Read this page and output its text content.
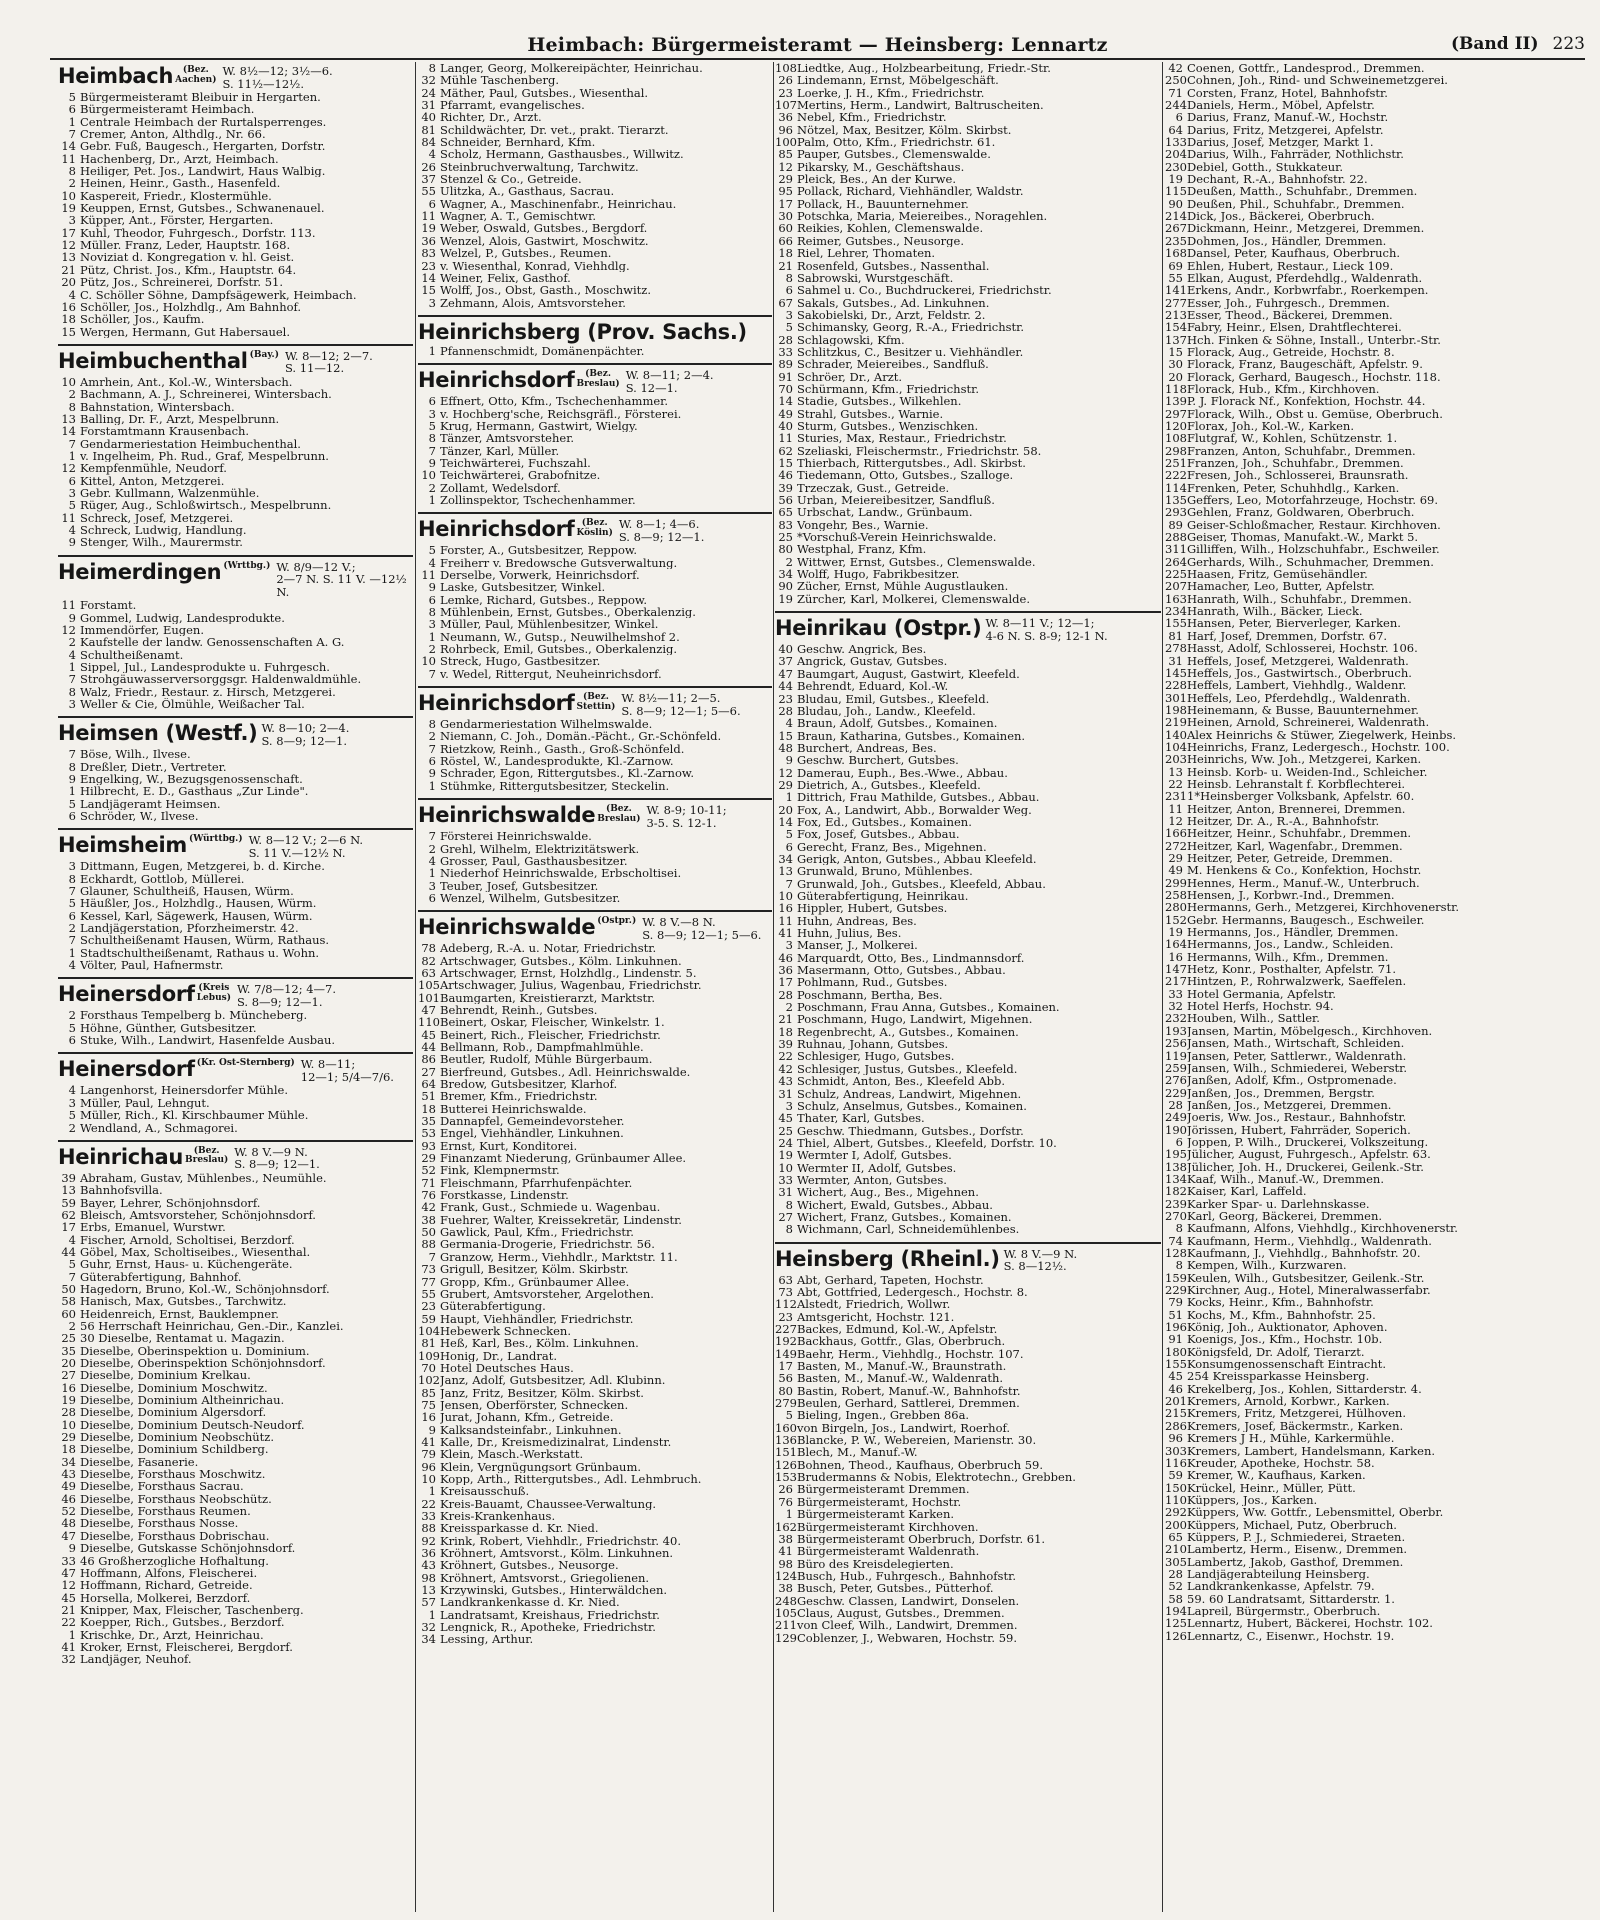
Heimbach: Bürgermeisteramt — Heinsberg: Lennartz	(Band II) 223
Heimbach	( Bez.
Aachen )
W. 8½—12; 3½—6.
S. 11½—12½.
5 Bürgermeisteramt Bleibuir in Hergarten.
6 Bürgermeisteramt Heimbach.
1 Centrale Heimbach der Rurtalsperrenges.
7 Cremer, Anton, Althdlg., Nr. 66.
14 Gebr. Fuß, Baugesch., Hergarten, Dorfstr.
11 Hachenberg, Dr., Arzt, Heimbach.
8 Heiliger, Pet. Jos., Landwirt, Haus Walbig.
2 Heinen, Heinr., Gasth., Hasenfeld.
10 Kaspereit, Friedr., Klostermühle.
19 Keuppen, Ernst, Gutsbes., Schwanenauel.
3 Küpper, Ant., Förster, Hergarten.
17 Kuhl, Theodor, Fuhrgesch., Dorfstr. 113.
12 Müller. Franz, Leder, Hauptstr. 168.
13 Noviziat d. Kongregation v. hl. Geist.
21 Pütz, Christ. Jos., Kfm., Hauptstr. 64.
20 Pütz, Jos., Schreinerei, Dorfstr. 51.
4 C. Schöller Söhne, Dampfsägewerk, Heimbach.
16 Schöller, Jos., Holzhdlg., Am Bahnhof.
18 Schöller, Jos., Kaufm.
15 Wergen, Hermann, Gut Habersauel.
Heimbuchenthal ( Bay. ) W. 8—12; 2—7.
S. 11—12.
10 Amrhein, Ant., Kol.-W., Wintersbach.
2 Bachmann, A. J., Schreinerei, Wintersbach.
8 Bahnstation, Wintersbach.
13 Balling, Dr. F., Arzt, Mespelbrunn.
14 Forstamtmann Krausenbach.
7 Gendarmeriestation Heimbuchenthal.
1 v. Ingelheim, Ph. Rud., Graf, Mespelbrunn.
12 Kempfenmühle, Neudorf.
6 Kittel, Anton, Metzgerei.
3 Gebr. Kullmann, Walzenmühle.
5 Rüger, Aug., Schloßwirtsch., Mespelbrunn.
11 Schreck, Josef, Metzgerei.
4 Schreck, Ludwig, Handlung.
9 Stenger, Wilh., Maurermstr.
Heimerdingen ( Wrttbg. ) W. 8/9—12 V.;
2—7 N. S. 11 V. —12½ N.
11 Forstamt.
9 Gommel, Ludwig, Landesprodukte.
12 Immendörfer, Eugen.
2 Kaufstelle der landw. Genossenschaften A. G.
4 Schultheißenamt.
1 Sippel, Jul., Landesprodukte u. Fuhrgesch.
7 Strohgäuwasserversorggsgr. Haldenwaldmühle.
8 Walz, Friedr., Restaur. z. Hirsch, Metzgerei.
3 Weller & Cie, Ölmühle, Weißacher Tal.
Heimsen (Westf.) W. 8—10; 2—4.
S. 8—9; 12—1.
7 Böse, Wilh., Ilvese.
8 Dreßler, Dietr., Vertreter.
9 Engelking, W., Bezugsgenossenschaft.
1 Hilbrecht, E. D., Gasthaus „Zur Linde".
5 Landjägeramt Heimsen.
6 Schröder, W., Ilvese.
Heimsheim ( Württbg. ) W. 8—12 V.; 2—6 N.
S. 11 V.—12½ N.
3 Dittmann, Eugen, Metzgerei, b. d. Kirche.
8 Eckhardt, Gottlob, Müllerei.
7 Glauner, Schultheiß, Hausen, Würm.
5 Häußler, Jos., Holzhdlg., Hausen, Würm.
6 Kessel, Karl, Sägewerk, Hausen, Würm.
2 Landjägerstation, Pforzheimerstr. 42.
7 Schultheißenamt Hausen, Würm, Rathaus.
1 Stadtschultheißenamt, Rathaus u. Wohn.
4 Völter, Paul, Hafnermstr.
Heinersdorf ( Kreis
Lebus )
W. 7/8—12; 4—7.
S. 8—9; 12—1.
2 Forsthaus Tempelberg b. Müncheberg.
5 Höhne, Günther, Gutsbesitzer.
6 Stuke, Wilh., Landwirt, Hasenfelde Ausbau.
Heinersdorf ( Kr. Ost-Sternberg ) W. 8—11;
12—1; 5/4—7/6.
4 Langenhorst, Heinersdorfer Mühle.
3 Müller, Paul, Lehngut.
5 Müller, Rich., Kl. Kirschbaumer Mühle.
2 Wendland, A., Schmagorei.
Heinrichau	( Bez.
Breslau )
W. 8 V.—9 N.
S. 8—9; 12—1.
39 Abraham, Gustav, Mühlenbes., Neumühle.
13 Bahnhofsvilla.
59 Bayer, Lehrer, Schönjohnsdorf.
62 Bleisch, Amtsvorsteher, Schönjohnsdorf.
17 Erbs, Emanuel, Wurstwr.
4 Fischer, Arnold, Scholtisei, Berzdorf.
44 Göbel, Max, Scholtiseibes., Wiesenthal.
5 Guhr, Ernst, Haus- u. Küchengeräte.
7 Güterabfertigung, Bahnhof.
50 Hagedorn, Bruno, Kol.-W., Schönjohnsdorf.
58 Hanisch, Max, Gutsbes., Tarchwitz.
60 Heidenreich, Ernst, Bauklempner.
2 56 Herrschaft Heinrichau, Gen.-Dir., Kanzlei.
25 30 Dieselbe, Rentamat u. Magazin.
35 Dieselbe, Oberinspektion u. Dominium.
20 Dieselbe, Oberinspektion Schönjohnsdorf.
27 Dieselbe, Dominium Krelkau.
16 Dieselbe, Dominium Moschwitz.
19 Dieselbe, Dominium Altheinrichau.
28 Dieselbe, Dominium Algersdorf.
10 Dieselbe, Dominium Deutsch-Neudorf.
29 Dieselbe, Dominium Neobschütz.
18 Dieselbe, Dominium Schildberg.
34 Dieselbe, Fasanerie.
43 Dieselbe, Forsthaus Moschwitz.
49 Dieselbe, Forsthaus Sacrau.
46 Dieselbe, Forsthaus Neobschütz.
52 Dieselbe, Forsthaus Reumen.
48 Dieselbe, Forsthaus Nosse.
47 Dieselbe, Forsthaus Dobrischau.
9 Dieselbe, Gutskasse Schönjohnsdorf.
33 46 Großherzogliche Hofhaltung.
47 Hoffmann, Alfons, Fleischerei.
12 Hoffmann, Richard, Getreide.
45 Horsella, Molkerei, Berzdorf.
21 Knipper, Max, Fleischer, Taschenberg.
22 Koepper, Rich., Gutsbes., Berzdorf.
1 Krischke, Dr., Arzt, Heinrichau.
41 Kroker, Ernst, Fleischerei, Bergdorf.
32 Landjäger, Neuhof.
8 Langer, Georg, Molkereipächter, Heinrichau.
32 Mühle Taschenberg.
24 Mäther, Paul, Gutsbes., Wiesenthal.
31 Pfarramt, evangelisches.
40 Richter, Dr., Arzt.
81 Schildwächter, Dr. vet., prakt. Tierarzt.
84 Schneider, Bernhard, Kfm.
4 Scholz, Hermann, Gasthausbes., Willwitz.
26 Steinbruchverwaltung, Tarchwitz.
37 Stenzel & Co., Getreide.
55 Ulitzka, A., Gasthaus, Sacrau.
6 Wagner, A., Maschinenfabr., Heinrichau.
11 Wagner, A. T., Gemischtwr.
19 Weber, Oswald, Gutsbes., Bergdorf.
36 Wenzel, Alois, Gastwirt, Moschwitz.
83 Welzel, P., Gutsbes., Reumen.
23 v. Wiesenthal, Konrad, Viehhdlg.
14 Weiner, Felix, Gasthof.
15 Wolff, Jos., Obst, Gasth., Moschwitz.
3 Zehmann, Alois, Amtsvorsteher.
Heinrichsberg (Prov. Sachs.)
1 Pfannenschmidt, Domänenpächter.
Heinrichsdorf	( Bez.
Breslau )
W. 8—11; 2—4.
S. 12—1.
6 Effnert, Otto, Kfm., Tschechenhammer.
3 v. Hochberg'sche, Reichsgräfl., Försterei.
5 Krug, Hermann, Gastwirt, Wielgy.
8 Tänzer, Amtsvorsteher.
7 Tänzer, Karl, Müller.
9 Teichwärterei, Fuchszahl.
10 Teichwärterei, Grabofnitze.
2 Zollamt, Wedelsdorf.
1 Zollinspektor, Tschechenhammer.
Heinrichsdorf	( Bez.
Köslin )
W. 8—1; 4—6.
S. 8—9; 12—1.
5 Forster, A., Gutsbesitzer, Reppow.
4 Freiherr v. Bredowsche Gutsverwaltung.
11 Derselbe, Vorwerk, Heinrichsdorf.
9 Laske, Gutsbesitzer, Winkel.
6 Lemke, Richard, Gutsbes., Reppow.
8 Mühlenbein, Ernst, Gutsbes., Oberkalenzig.
3 Müller, Paul, Mühlenbesitzer, Winkel.
1 Neumann, W., Gutsp., Neuwilhelmshof 2.
2 Rohrbeck, Emil, Gutsbes., Oberkalenzig.
10 Streck, Hugo, Gastbesitzer.
7 v. Wedel, Rittergut, Neuheinrichsdorf.
Heinrichsdorf	( Bez.
Stettin )
W. 8½—11; 2—5.
S. 8—9; 12—1; 5—6.
8 Gendarmeriestation Wilhelmswalde.
2 Niemann, C. Joh., Domän.-Pächt., Gr.-Schönfeld.
7 Rietzkow, Reinh., Gasth., Groß-Schönfeld.
6 Röstel, W., Landesprodukte, Kl.-Zarnow.
9 Schrader, Egon, Rittergutsbes., Kl.-Zarnow.
1 Stühmke, Rittergutsbesitzer, Steckelin.
Heinrichswalde	( Bez.
Breslau )
W. 8-9; 10-11;
3-5. S. 12-1.
7 Försterei Heinrichswalde.
2 Grehl, Wilhelm, Elektrizitätswerk.
4 Grosser, Paul, Gasthausbesitzer.
1 Niederhof Heinrichswalde, Erbscholtisei.
3 Teuber, Josef, Gutsbesitzer.
6 Wenzel, Wilhelm, Gutsbesitzer.
Heinrichswalde ( Ostpr. ) W. 8 V.—8 N.
S. 8—9; 12—1; 5—6.
78 Adeberg, R.-A. u. Notar, Friedrichstr.
82 Artschwager, Gutsbes., Kölm. Linkuhnen.
63 Artschwager, Ernst, Holzhdlg., Lindenstr. 5.
105 Artschwager, Julius, Wagenbau, Friedrichstr.
101 Baumgarten, Kreistierarzt, Marktstr.
47 Behrendt, Reinh., Gutsbes.
110 Beinert, Oskar, Fleischer, Winkelstr. 1.
45 Beinert, Rich., Fleischer, Friedrichstr.
44 Bellmann, Rob., Dampfmahlmühle.
86 Beutler, Rudolf, Mühle Bürgerbaum.
27 Bierfreund, Gutsbes., Adl. Heinrichswalde.
64 Bredow, Gutsbesitzer, Klarhof.
51 Bremer, Kfm., Friedrichstr.
18 Butterei Heinrichswalde.
35 Dannapfel, Gemeindevorsteher.
53 Engel, Viehhändler, Linkuhnen.
93 Ernst, Kurt, Konditorei.
29 Finanzamt Niederung, Grünbaumer Allee.
52 Fink, Klempnermstr.
71 Fleischmann, Pfarrhufenpächter.
76 Forstkasse, Lindenstr.
42 Frank, Gust., Schmiede u. Wagenbau.
38 Fuehrer, Walter, Kreissekretär, Lindenstr.
50 Gawlick, Paul, Kfm., Friedrichstr.
88 Germania-Drogerie, Friedrichstr. 56.
7 Granzow, Herm., Viehhdlr., Marktstr. 11.
73 Grigull, Besitzer, Kölm. Skirbstr.
77 Gropp, Kfm., Grünbaumer Allee.
55 Grubert, Amtsvorsteher, Argelothen.
23 Güterabfertigung.
59 Haupt, Viehhändler, Friedrichstr.
104 Hebewerk Schnecken.
81 Heß, Karl, Bes., Kölm. Linkuhnen.
109 Honig, Dr., Landrat.
70 Hotel Deutsches Haus.
102 Janz, Adolf, Gutsbesitzer, Adl. Klubinn.
85 Janz, Fritz, Besitzer, Kölm. Skirbst.
75 Jensen, Oberförster, Schnecken.
16 Jurat, Johann, Kfm., Getreide.
9 Kalksandsteinfabr., Linkuhnen.
41 Kalle, Dr., Kreismedizinalrat, Lindenstr.
79 Klein, Masch.-Werkstatt.
96 Klein, Vergnügungsort Grünbaum.
10 Kopp, Arth., Rittergutsbes., Adl. Lehmbruch.
1 Kreisausschuß.
22 Kreis-Bauamt, Chaussee-Verwaltung.
33 Kreis-Krankenhaus.
88 Kreissparkasse d. Kr. Nied.
92 Krink, Robert, Viehhdlr., Friedrichstr. 40.
36 Kröhnert, Amtsvorst., Kölm. Linkuhnen.
43 Kröhnert, Gutsbes., Neusorge.
98 Kröhnert, Amtsvorst., Griegolienen.
13 Krzywinski, Gutsbes., Hinterwäldchen.
57 Landkrankenkasse d. Kr. Nied.
1 Landratsamt, Kreishaus, Friedrichstr.
32 Lengnick, R., Apotheke, Friedrichstr.
34 Lessing, Arthur.
108 Liedtke, Aug., Holzbearbeitung, Friedr.-Str.
26 Lindemann, Ernst, Möbelgeschäft.
23 Loerke, J. H., Kfm., Friedrichstr.
107 Mertins, Herm., Landwirt, Baltruscheiten.
36 Nebel, Kfm., Friedrichstr.
96 Nötzel, Max, Besitzer, Kölm. Skirbst.
100 Palm, Otto, Kfm., Friedrichstr. 61.
85 Pauper, Gutsbes., Clemenswalde.
12 Pikarsky, M., Geschäftshaus.
29 Pleick, Bes., An der Kurwe.
95 Pollack, Richard, Viehhändler, Waldstr.
17 Pollack, H., Bauunternehmer.
30 Potschka, Maria, Meiereibes., Noragehlen.
60 Reikies, Kohlen, Clemenswalde.
66 Reimer, Gutsbes., Neusorge.
18 Riel, Lehrer, Thomaten.
21 Rosenfeld, Gutsbes., Nassenthal.
8 Sabrowski, Wurstgeschäft.
6 Sahmel u. Co., Buchdruckerei, Friedrichstr.
67 Sakals, Gutsbes., Ad. Linkuhnen.
3 Sakobielski, Dr., Arzt, Feldstr. 2.
5 Schimansky, Georg, R.-A., Friedrichstr.
28 Schlagowski, Kfm.
33 Schlitzkus, C., Besitzer u. Viehhändler.
89 Schrader, Meiereibes., Sandfluß.
91 Schröer, Dr., Arzt.
70 Schürmann, Kfm., Friedrichstr.
14 Stadie, Gutsbes., Wilkehlen.
49 Strahl, Gutsbes., Warnie.
40 Sturm, Gutsbes., Wenzischken.
11 Sturies, Max, Restaur., Friedrichstr.
62 Szeliaski, Fleischermstr., Friedrichstr. 58.
15 Thierbach, Rittergutsbes., Adl. Skirbst.
46 Tiedemann, Otto, Gutsbes., Szalloge.
39 Trzeczak, Gust., Getreide.
56 Urban, Meiereibesitzer, Sandfluß.
65 Urbschat, Landw., Grünbaum.
83 Vongehr, Bes., Warnie.
25 *Vorschuß-Verein Heinrichswalde.
80 Westphal, Franz, Kfm.
2 Wittwer, Ernst, Gutsbes., Clemenswalde.
34 Wolff, Hugo, Fabrikbesitzer.
90 Zücher, Ernst, Mühle Augustlauken.
19 Zürcher, Karl, Molkerei, Clemenswalde.
Heinrikau (Ostpr.) W. 8—11 V.; 12—1;
4-6 N. S. 8-9; 12-1 N.
40 Geschw. Angrick, Bes.
37 Angrick, Gustav, Gutsbes.
47 Baumgart, August, Gastwirt, Kleefeld.
44 Behrendt, Eduard, Kol.-W.
23 Bludau, Emil, Gutsbes., Kleefeld.
28 Bludau, Joh., Landw., Kleefeld.
4 Braun, Adolf, Gutsbes., Komainen.
15 Braun, Katharina, Gutsbes., Komainen.
48 Burchert, Andreas, Bes.
9 Geschw. Burchert, Gutsbes.
12 Damerau, Euph., Bes.-Wwe., Abbau.
29 Dietrich, A., Gutsbes., Kleefeld.
1 Dittrich, Frau Mathilde, Gutsbes., Abbau.
20 Fox, A., Landwirt, Abb., Borwalder Weg.
14 Fox, Ed., Gutsbes., Komainen.
5 Fox, Josef, Gutsbes., Abbau.
6 Gerecht, Franz, Bes., Migehnen.
34 Gerigk, Anton, Gutsbes., Abbau Kleefeld.
13 Grunwald, Bruno, Mühlenbes.
7 Grunwald, Joh., Gutsbes., Kleefeld, Abbau.
10 Güterabfertigung, Heinrikau.
16 Hippler, Hubert, Gutsbes.
11 Huhn, Andreas, Bes.
41 Huhn, Julius, Bes.
3 Manser, J., Molkerei.
46 Marquardt, Otto, Bes., Lindmannsdorf.
36 Masermann, Otto, Gutsbes., Abbau.
17 Pohlmann, Rud., Gutsbes.
28 Poschmann, Bertha, Bes.
2 Poschmann, Frau Anna, Gutsbes., Komainen.
21 Poschmann, Hugo, Landwirt, Migehnen.
18 Regenbrecht, A., Gutsbes., Komainen.
39 Ruhnau, Johann, Gutsbes.
22 Schlesiger, Hugo, Gutsbes.
42 Schlesiger, Justus, Gutsbes., Kleefeld.
43 Schmidt, Anton, Bes., Kleefeld Abb.
31 Schulz, Andreas, Landwirt, Migehnen.
3 Schulz, Anselmus, Gutsbes., Komainen.
45 Thater, Karl, Gutsbes.
25 Geschw. Thiedmann, Gutsbes., Dorfstr.
24 Thiel, Albert, Gutsbes., Kleefeld, Dorfstr. 10.
19 Wermter I, Adolf, Gutsbes.
10 Wermter II, Adolf, Gutsbes.
33 Wermter, Anton, Gutsbes.
31 Wichert, Aug., Bes., Migehnen.
8 Wichert, Ewald, Gutsbes., Abbau.
27 Wichert, Franz, Gutsbes., Komainen.
8 Wichmann, Carl, Schneidemühlenbes.
Heinsberg (Rheinl.) W. 8 V.—9 N.
S. 8—12½.
63 Abt, Gerhard, Tapeten, Hochstr.
73 Abt, Gottfried, Ledergesch., Hochstr. 8.
112 Alstedt, Friedrich, Wollwr.
23 Amtsgericht, Hochstr. 121.
227 Backes, Edmund, Kol.-W., Apfelstr.
192 Backhaus, Gottfr., Glas, Oberbruch.
149 Baehr, Herm., Viehhdlg., Hochstr. 107.
17 Basten, M., Manuf.-W., Braunstrath.
56 Basten, M., Manuf.-W., Waldenrath.
80 Bastin, Robert, Manuf.-W., Bahnhofstr.
279 Beulen, Gerhard, Sattlerei, Dremmen.
5 Bieling, Ingen., Grebben 86a.
160 von Birgeln, Jos., Landwirt, Roerhof.
136 Blancke, P. W., Webereien, Marienstr. 30.
151 Blech, M., Manuf.-W.
126 Bohnen, Theod., Kaufhaus, Oberbruch 59.
153 Brudermanns & Nobis, Elektrotechn., Grebben.
26 Bürgermeisteramt Dremmen.
76 Bürgermeisteramt, Hochstr.
1 Bürgermeisteramt Karken.
162 Bürgermeisteramt Kirchhoven.
38 Bürgermeisteramt Oberbruch, Dorfstr. 61.
41 Bürgermeisteramt Waldenrath.
98 Büro des Kreisdelegierten.
124 Busch, Hub., Fuhrgesch., Bahnhofstr.
38 Busch, Peter, Gutsbes., Pütterhof.
248 Geschw. Classen, Landwirt, Donselen.
105 Claus, August, Gutsbes., Dremmen.
211 von Cleef, Wilh., Landwirt, Dremmen.
129 Coblenzer, J., Webwaren, Hochstr. 59.
42 Coenen, Gottfr., Landesprod., Dremmen.
250 Cohnen, Joh., Rind- und Schweinemetzgerei.
71 Corsten, Franz, Hotel, Bahnhofstr.
244 Daniels, Herm., Möbel, Apfelstr.
6 Darius, Franz, Manuf.-W., Hochstr.
64 Darius, Fritz, Metzgerei, Apfelstr.
133 Darius, Josef, Metzger, Markt 1.
204 Darius, Wilh., Fahrräder, Nothlichstr.
230 Debiel, Gotth., Stukkateur.
19 Dechant, R.-A., Bahnhofstr. 22.
115 Deußen, Matth., Schuhfabr., Dremmen.
90 Deußen, Phil., Schuhfabr., Dremmen.
214 Dick, Jos., Bäckerei, Oberbruch.
267 Dickmann, Heinr., Metzgerei, Dremmen.
235 Dohmen, Jos., Händler, Dremmen.
168 Dansel, Peter, Kaufhaus, Oberbruch.
69 Ehlen, Hubert, Restaur., Lieck 109.
55 Elkan, August, Pferdehdlg., Waldenrath.
141 Erkens, Andr., Korbwrfabr., Roerkempen.
277 Esser, Joh., Fuhrgesch., Dremmen.
213 Esser, Theod., Bäckerei, Dremmen.
154 Fabry, Heinr., Elsen, Drahtflechterei.
137 Hch. Finken & Söhne, Install., Unterbr.-Str.
15 Florack, Aug., Getreide, Hochstr. 8.
30 Florack, Franz, Baugeschäft, Apfelstr. 9.
20 Florack, Gerhard, Baugesch., Hochstr. 118.
118 Florack, Hub., Kfm., Kirchhoven.
139 P. J. Florack Nf., Konfektion, Hochstr. 44.
297 Florack, Wilh., Obst u. Gemüse, Oberbruch.
120 Florax, Joh., Kol.-W., Karken.
108 Flutgraf, W., Kohlen, Schützenstr. 1.
298 Franzen, Anton, Schuhfabr., Dremmen.
251 Franzen, Joh., Schuhfabr., Dremmen.
222 Fresen, Joh., Schlosserei, Braunsrath.
114 Frenken, Peter, Schuhhdlg., Karken.
135 Geffers, Leo, Motorfahrzeuge, Hochstr. 69.
293 Gehlen, Franz, Goldwaren, Oberbruch.
89 Geiser-Schloßmacher, Restaur. Kirchhoven.
288 Geiser, Thomas, Manufakt.-W., Markt 5.
311 Gilliffen, Wilh., Holzschuhfabr., Eschweiler.
264 Gerhards, Wilh., Schuhmacher, Dremmen.
225 Haasen, Fritz, Gemüsehändler.
207 Hamacher, Leo, Butter, Apfelstr.
163 Hanrath, Wilh., Schuhfabr., Dremmen.
234 Hanrath, Wilh., Bäcker, Lieck.
155 Hansen, Peter, Bierverleger, Karken.
81 Harf, Josef, Dremmen, Dorfstr. 67.
278 Hasst, Adolf, Schlosserei, Hochstr. 106.
31 Heffels, Josef, Metzgerei, Waldenrath.
145 Heffels, Jos., Gastwirtsch., Oberbruch.
228 Heffels, Lambert, Viehhdlg., Waldenr.
301 Heffels, Leo, Pferdehdlg., Waldenrath.
198 Heinemann, & Busse, Bauunternehmer.
219 Heinen, Arnold, Schreinerei, Waldenrath.
140 Alex Heinrichs & Stüwer, Ziegelwerk, Heinbs.
104 Heinrichs, Franz, Ledergesch., Hochstr. 100.
203 Heinrichs, Ww. Joh., Metzgerei, Karken.
13 Heinsb. Korb- u. Weiden-Ind., Schleicher.
22 Heinsb. Lehranstalt f. Korbflechterei.
231 1*Heinsberger Volksbank, Apfelstr. 60.
11 Heitzer, Anton, Brennerei, Dremmen.
12 Heitzer, Dr. A., R.-A., Bahnhofstr.
166 Heitzer, Heinr., Schuhfabr., Dremmen.
272 Heitzer, Karl, Wagenfabr., Dremmen.
29 Heitzer, Peter, Getreide, Dremmen.
49 M. Henkens & Co., Konfektion, Hochstr.
299 Hennes, Herm., Manuf.-W., Unterbruch.
258 Hensen, J., Korbwr.-Ind., Dremmen.
280 Hermanns, Gerh., Metzgerei, Kirchhovenerstr.
152 Gebr. Hermanns, Baugesch., Eschweiler.
19 Hermanns, Jos., Händler, Dremmen.
164 Hermanns, Jos., Landw., Schleiden.
16 Hermanns, Wilh., Kfm., Dremmen.
147 Hetz, Konr., Posthalter, Apfelstr. 71.
217 Hintzen, P., Rohrwalzwerk, Saeffelen.
33 Hotel Germania, Apfelstr.
32 Hotel Herfs, Hochstr. 94.
232 Houben, Wilh., Sattler.
193 Jansen, Martin, Möbelgesch., Kirchhoven.
256 Jansen, Math., Wirtschaft, Schleiden.
119 Jansen, Peter, Sattlerwr., Waldenrath.
259 Jansen, Wilh., Schmiederei, Weberstr.
276 Janßen, Adolf, Kfm., Ostpromenade.
229 Janßen, Jos., Dremmen, Bergstr.
28 Janßen, Jos., Metzgerei, Dremmen.
249 Joeris, Ww. Jos., Restaur., Bahnhofstr.
190 Jörissen, Hubert, Fahrräder, Soperich.
6 Joppen, P. Wilh., Druckerei, Volkszeitung.
195 Jülicher, August, Fuhrgesch., Apfelstr. 63.
138 Jülicher, Joh. H., Druckerei, Geilenk.-Str.
134 Kaaf, Wilh., Manuf.-W., Dremmen.
182 Kaiser, Karl, Laffeld.
239 Karker Spar- u. Darlehnskasse.
270 Karl, Georg, Bäckerei, Dremmen.
8 Kaufmann, Alfons, Viehhdlg., Kirchhovenerstr.
74 Kaufmann, Herm., Viehhdlg., Waldenrath.
128 Kaufmann, J., Viehhdlg., Bahnhofstr. 20.
8 Kempen, Wilh., Kurzwaren.
159 Keulen, Wilh., Gutsbesitzer, Geilenk.-Str.
229 Kirchner, Aug., Hotel, Mineralwasserfabr.
79 Kocks, Heinr., Kfm., Bahnhofstr.
51 Kochs, M., Kfm., Bahnhofstr. 25.
196 König, Joh., Auktionator, Aphoven.
91 Koenigs, Jos., Kfm., Hochstr. 10b.
180 Königsfeld, Dr. Adolf, Tierarzt.
155 Konsumgenossenschaft Eintracht.
45 254 Kreissparkasse Heinsberg.
46 Krekelberg, Jos., Kohlen, Sittarderstr. 4.
201 Kremers, Arnold, Korbwr., Karken.
215 Kremers, Fritz, Metzgerei, Hülhoven.
286 Kremers, Josef, Bäckermstr., Karken.
96 Kremers J H., Mühle, Karkermühle.
303 Kremers, Lambert, Handelsmann, Karken.
116 Kreuder, Apotheke, Hochstr. 58.
59 Kremer, W., Kaufhaus, Karken.
150 Krückel, Heinr., Müller, Pütt.
110 Küppers, Jos., Karken.
292 Küppers, Ww. Gottfr., Lebensmittel, Oberbr.
200 Küppers, Michael, Putz, Oberbruch.
65 Küppers, P. J., Schmiederei, Straeten.
210 Lambertz, Herm., Eisenw., Dremmen.
305 Lambertz, Jakob, Gasthof, Dremmen.
28 Landjägerabteilung Heinsberg.
52 Landkrankenkasse, Apfelstr. 79.
58 59. 60 Landratsamt, Sittarderstr. 1.
194 Lapreil, Bürgermstr., Oberbruch.
125 Lennartz, Hubert, Bäckerei, Hochstr. 102.
126 Lennartz, C., Eisenwr., Hochstr. 19.
